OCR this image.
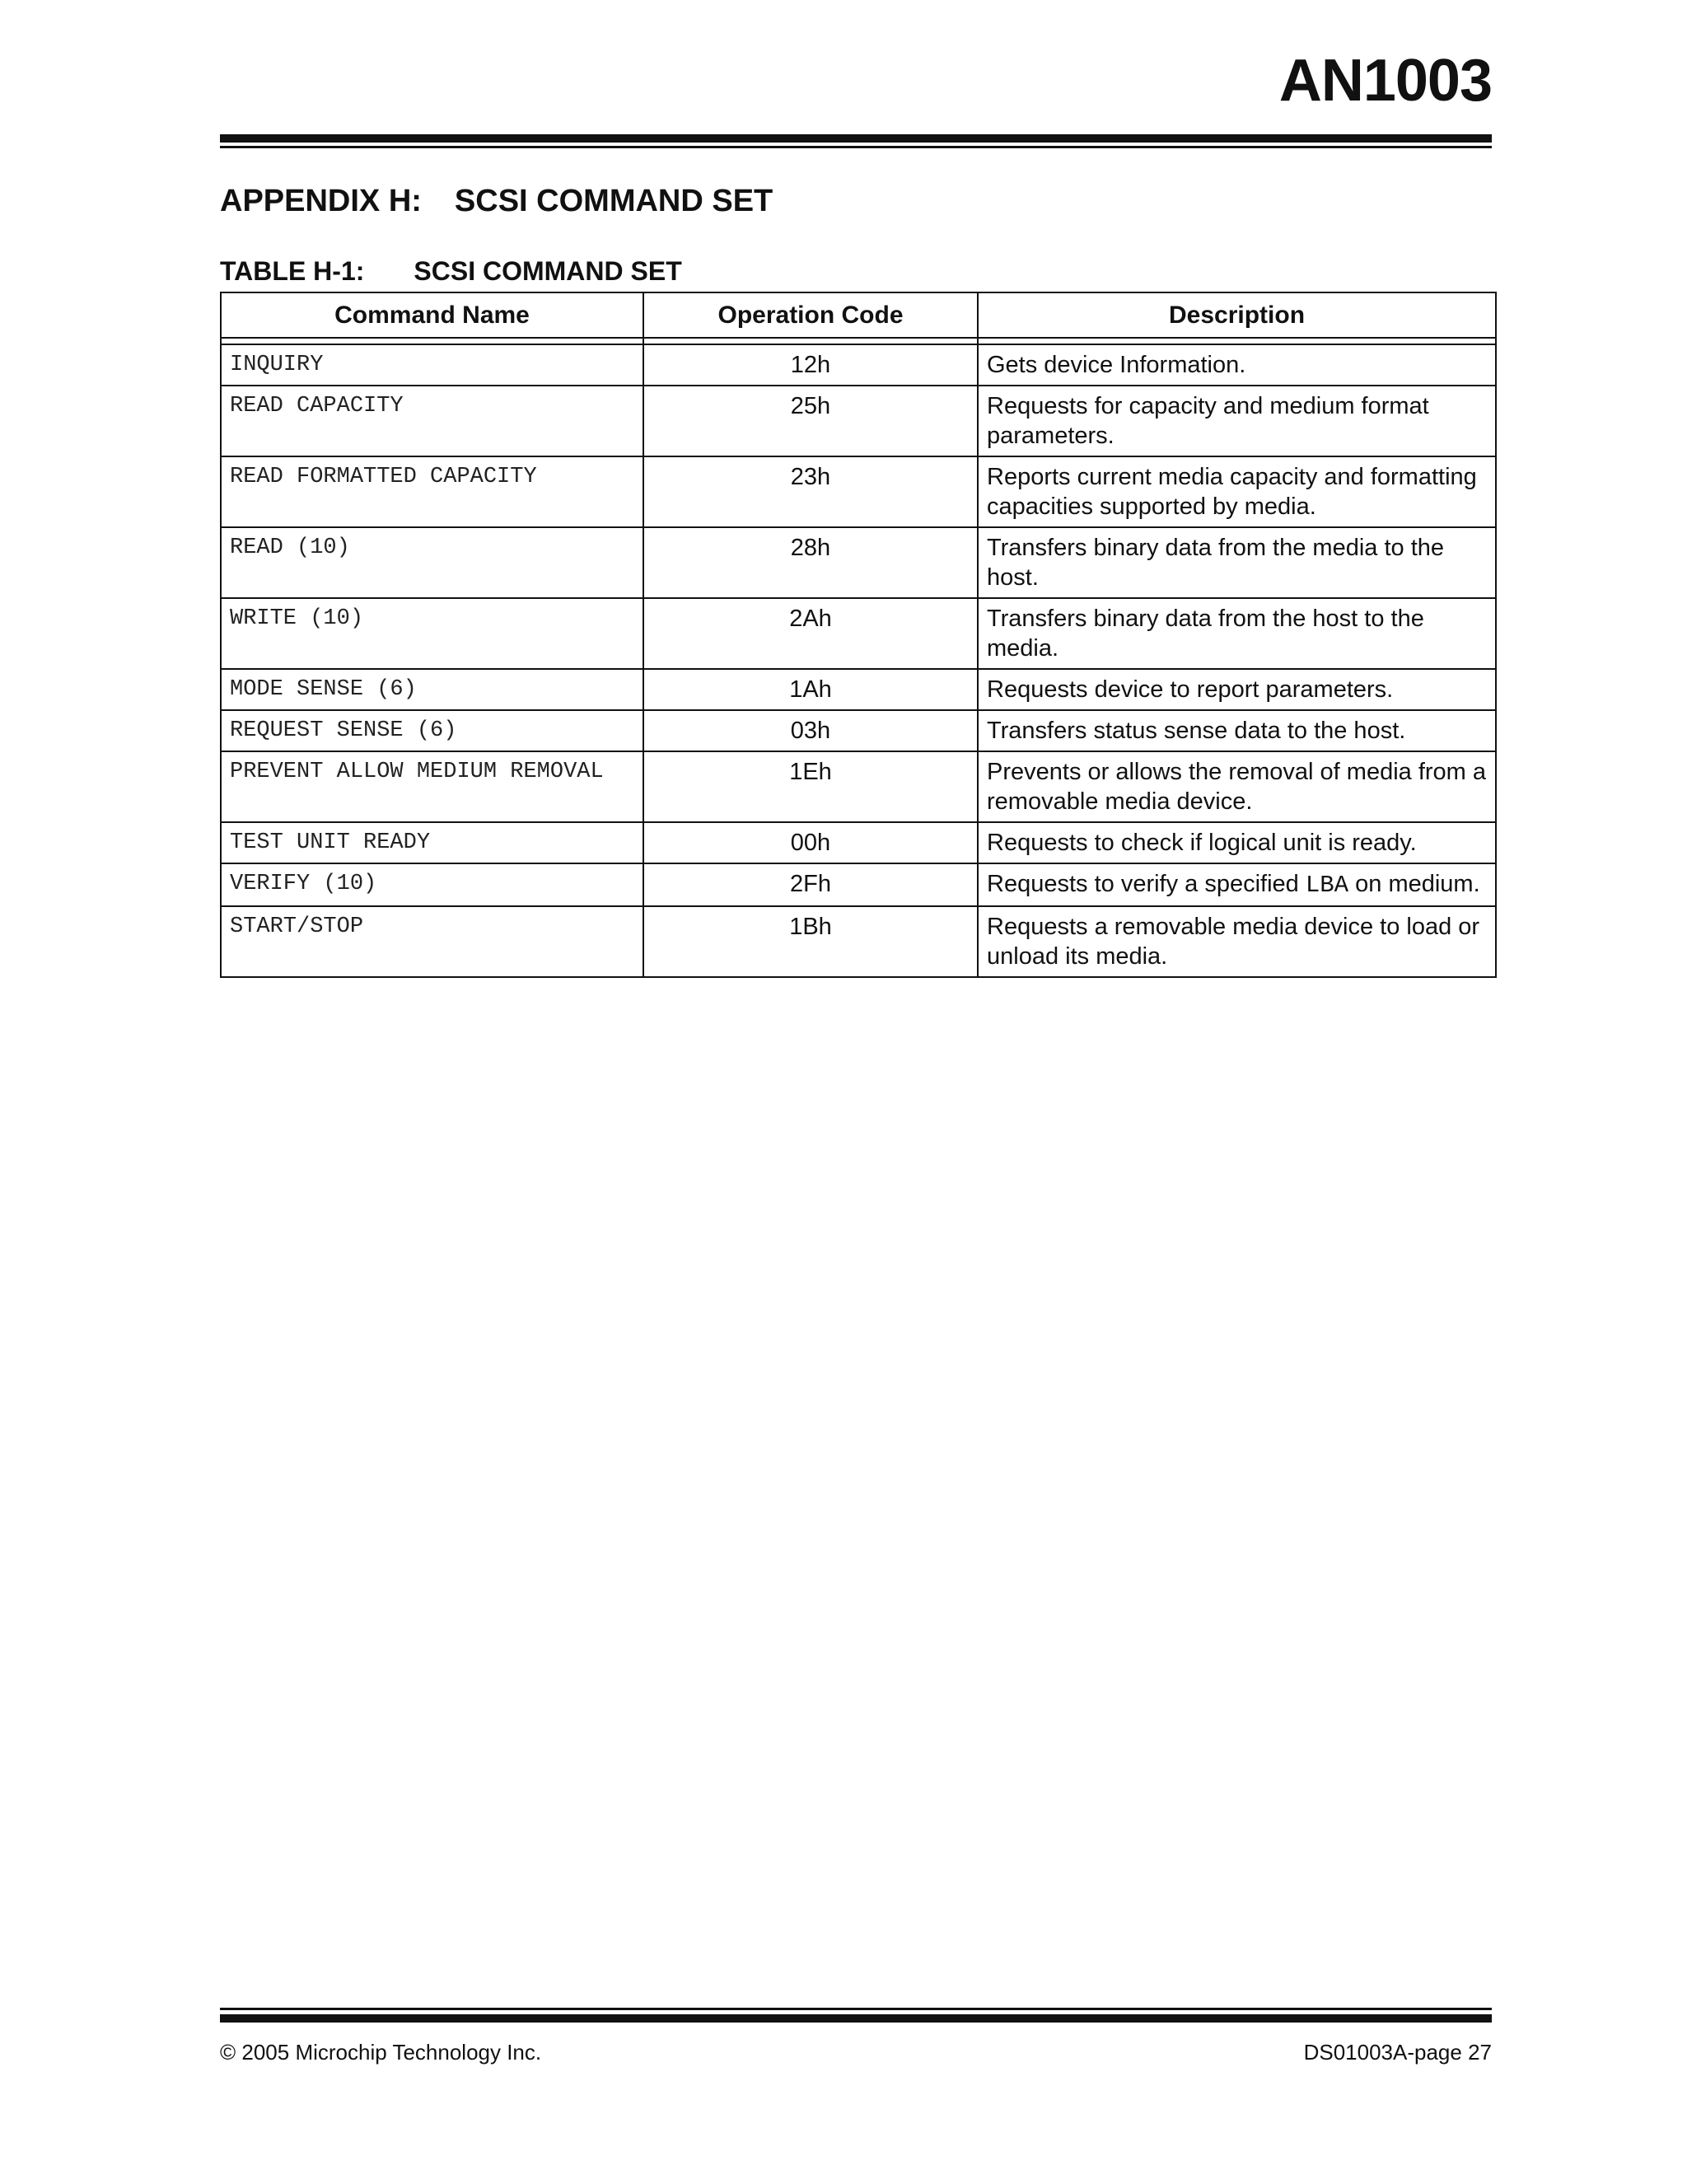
AN1003
APPENDIX H: SCSI COMMAND SET
TABLE H-1: SCSI COMMAND SET
Command Name	Operation Code	Description

INQUIRY	12h	Gets device Information.
READ CAPACITY	25h	Requests for capacity and medium format parameters.
READ FORMATTED CAPACITY	23h	Reports current media capacity and formatting capacities supported by media.
READ (10)	28h	Transfers binary data from the media to the host.
WRITE (10)	2Ah	Transfers binary data from the host to the media.
MODE SENSE (6)	1Ah	Requests device to report parameters.
REQUEST SENSE (6)	03h	Transfers status sense data to the host.
PREVENT ALLOW MEDIUM REMOVAL	1Eh	Prevents or allows the removal of media from a removable media device.
TEST UNIT READY	00h	Requests to check if logical unit is ready.
VERIFY (10)	2Fh	Requests to verify a specified LBA on medium.
START/STOP	1Bh	Requests a removable media device to load or unload its media.
© 2005 Microchip Technology Inc.	DS01003A-page 27
